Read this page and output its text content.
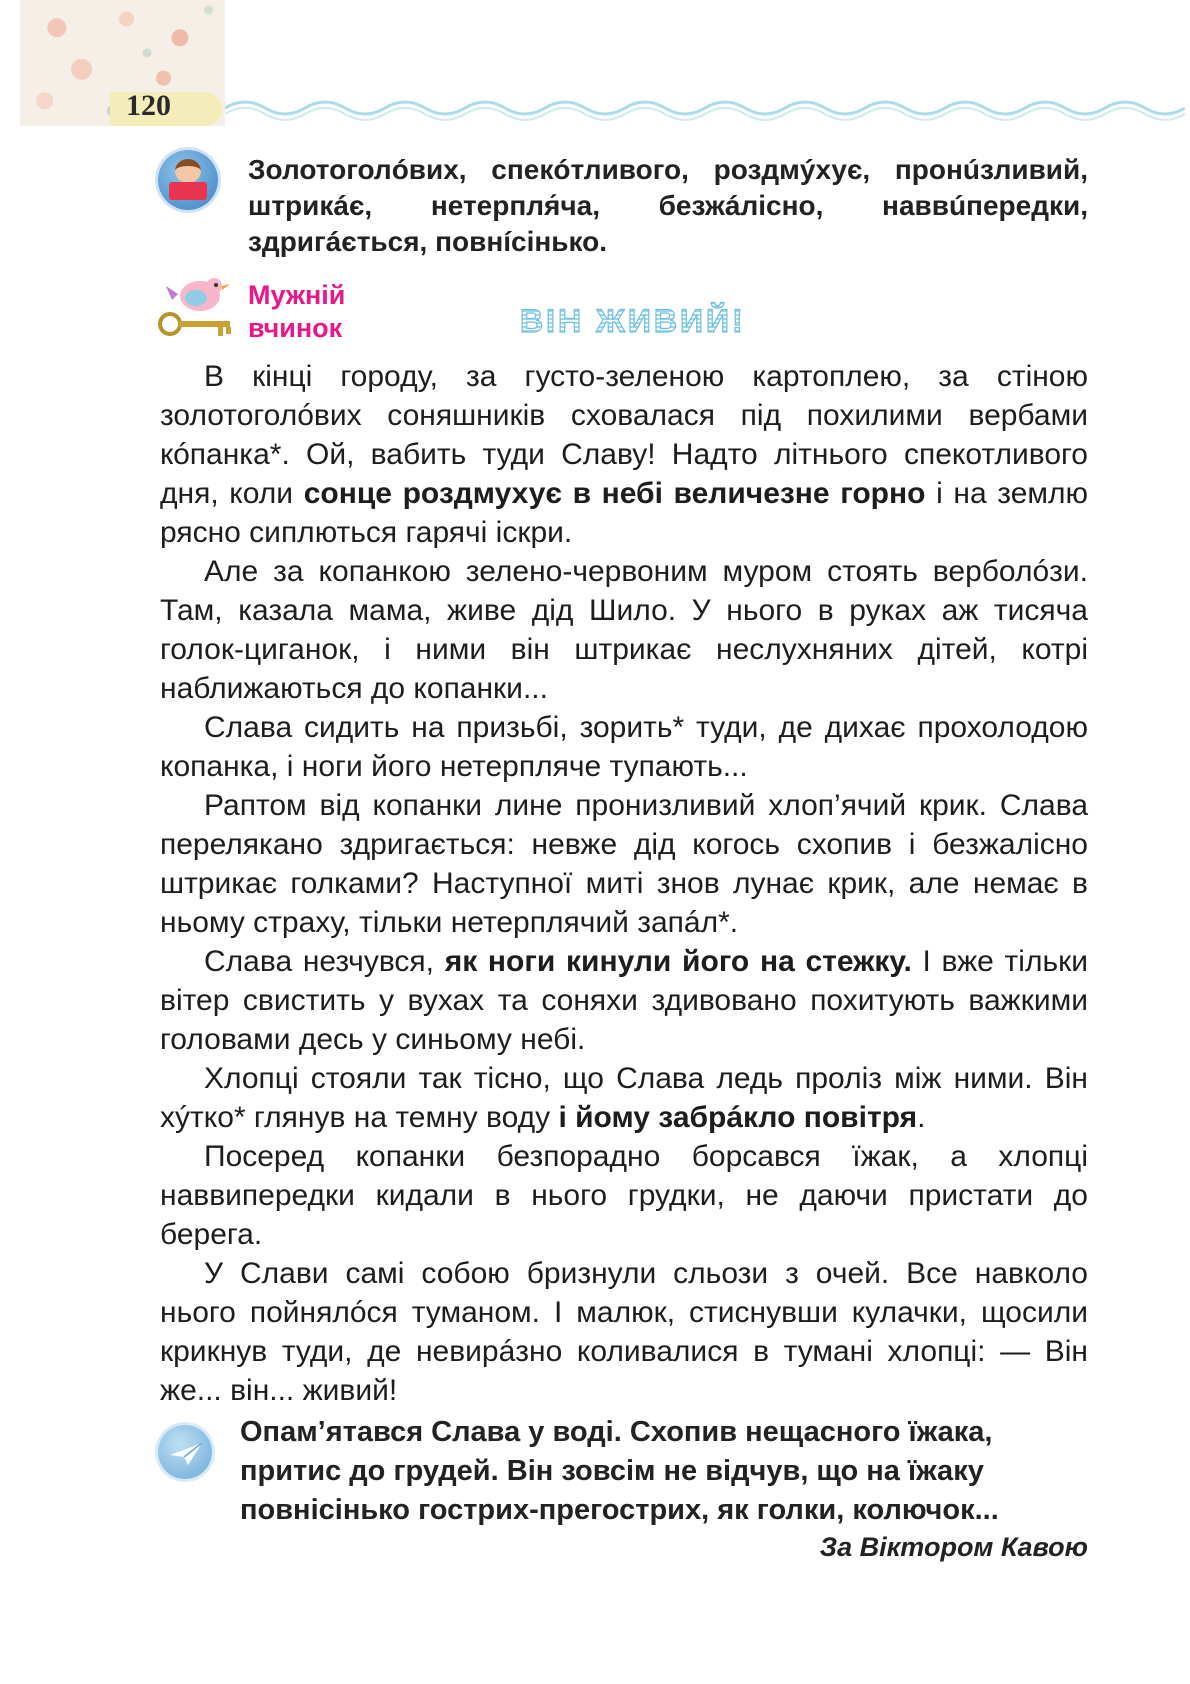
120
Золотоголóвих, спекóтливого, роздмýхує, пронúзливий, штрикáє, нетерпля́ча, безжáлісно, наввúпередки, здригáється, повнíсінько.
Мужній
вчинок	ВІН ЖИВИЙ!

В кінці городу, за густо-зеленою картоплею, за стіною золотоголóвих соняшників сховалася під похилими вербами кóпанка*. Ой, вабить туди Славу! Надто літнього спекотливого дня, коли сонце роздмухує в небі величезне горно і на землю рясно сиплються гарячі іскри.

Але за копанкою зелено-червоним муром стоять верболóзи. Там, казала мама, живе дід Шило. У нього в руках аж тисяча голок-циганок, і ними він штрикає неслухняних дітей, котрі наближаються до копанки...

Слава сидить на призьбі, зорить* туди, де дихає прохолодою копанка, і ноги його нетерпляче тупають...

Раптом від копанки лине пронизливий хлоп’ячий крик. Слава перелякано здригається: невже дід когось схопив і безжалісно штрикає голками? Наступної миті знов лунає крик, але немає в ньому страху, тільки нетерплячий запáл*.

Слава незчувся, як ноги кинули його на стежку. І вже тільки вітер свистить у вухах та соняхи здивовано похитують важкими головами десь у синьому небі.

Хлопці стояли так тісно, що Слава ледь проліз між ними. Він хýтко* глянув на темну воду і йому забрáкло повітря.

Посеред копанки безпорадно борсався їжак, а хлопці наввипередки кидали в нього грудки, не даючи пристати до берега.

У Слави самі собою бризнули сльози з очей. Все навколо нього пойнялóся туманом. І малюк, стиснувши кулачки, щосили крикнув туди, де невирáзно коливалися в тумані хлопці: — Він же... він... живий!

Опам’ятався Слава у воді. Схопив нещасного їжака, притис до грудей. Він зовсім не відчув, що на їжаку повнісінько гострих-прегострих, як голки, колючок...

За Віктором Кавою
